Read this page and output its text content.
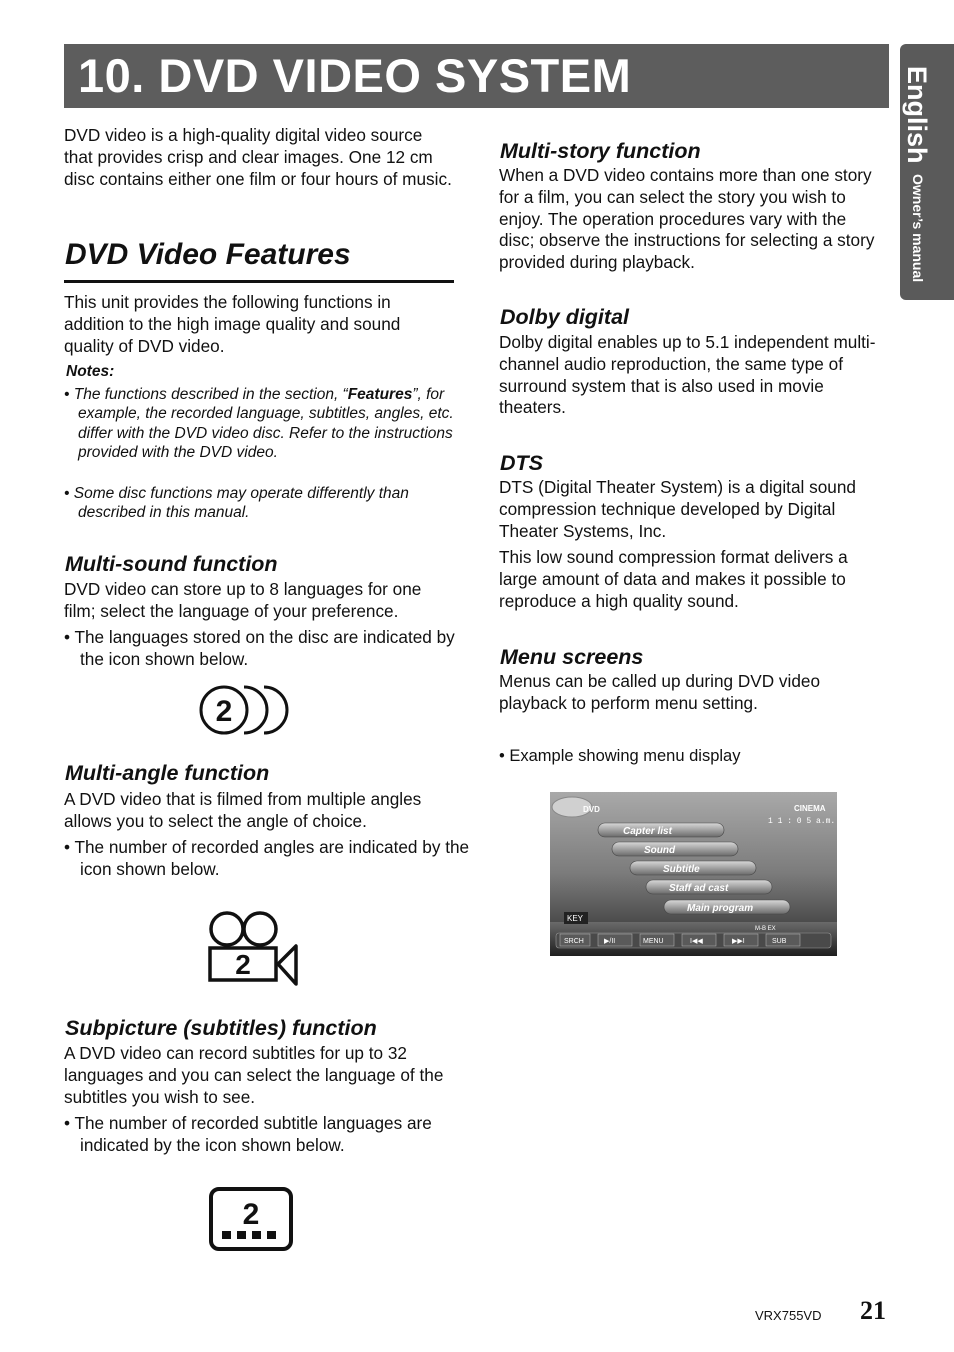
10. DVD VIDEO SYSTEM	English
Owner’s manual
DVD video is a high-quality digital video source that provides crisp and clear images. One 12 cm disc contains either one film or four hours of music.
DVD Video Features
This unit provides the following functions in addition to the high image quality and sound quality of DVD video.
Notes:
• The functions described in the section, “Features”, for example, the recorded language, subtitles, angles, etc. differ with the DVD video disc. Refer to the instructions provided with the DVD video.
• Some disc functions may operate differently than described in this manual.
Multi-sound function
DVD video can store up to 8 languages for one film; select the language of your preference.
• The languages stored on the disc are indicated by the icon shown below.
2
Multi-angle function
A DVD video that is filmed from multiple angles allows you to select the angle of choice.
• The number of recorded angles are indicated by the icon shown below.
2
Subpicture (subtitles) function
A DVD video can record subtitles for up to 32 languages and you can select the language of the subtitles you wish to see.
• The number of recorded subtitle languages are indicated by the icon shown below.
2
Multi-story function
When a DVD video contains more than one story for a film, you can select the story you wish to enjoy. The operation procedures vary with the disc; observe the instructions for selecting a story provided during playback.
Dolby digital
Dolby digital enables up to 5.1 independent multi-channel audio reproduction, the same type of surround system that is also used in movie theaters.
DTS
DTS (Digital Theater System) is a digital sound compression technique developed by Digital Theater Systems, Inc.
This low sound compression format delivers a large amount of data and makes it possible to reproduce a high quality sound.
Menu screens
Menus can be called up during DVD video playback to perform menu setting.
• Example showing menu display
DVD	CINEMA
1 1 : 0 5 a.m.
Capter list
Sound
Subtitle
Staff ad cast
Main program
KEY
M-B EX
SRCH	▶/II	MENU	I◀◀	▶▶I	SUB
VRX755VD 21
